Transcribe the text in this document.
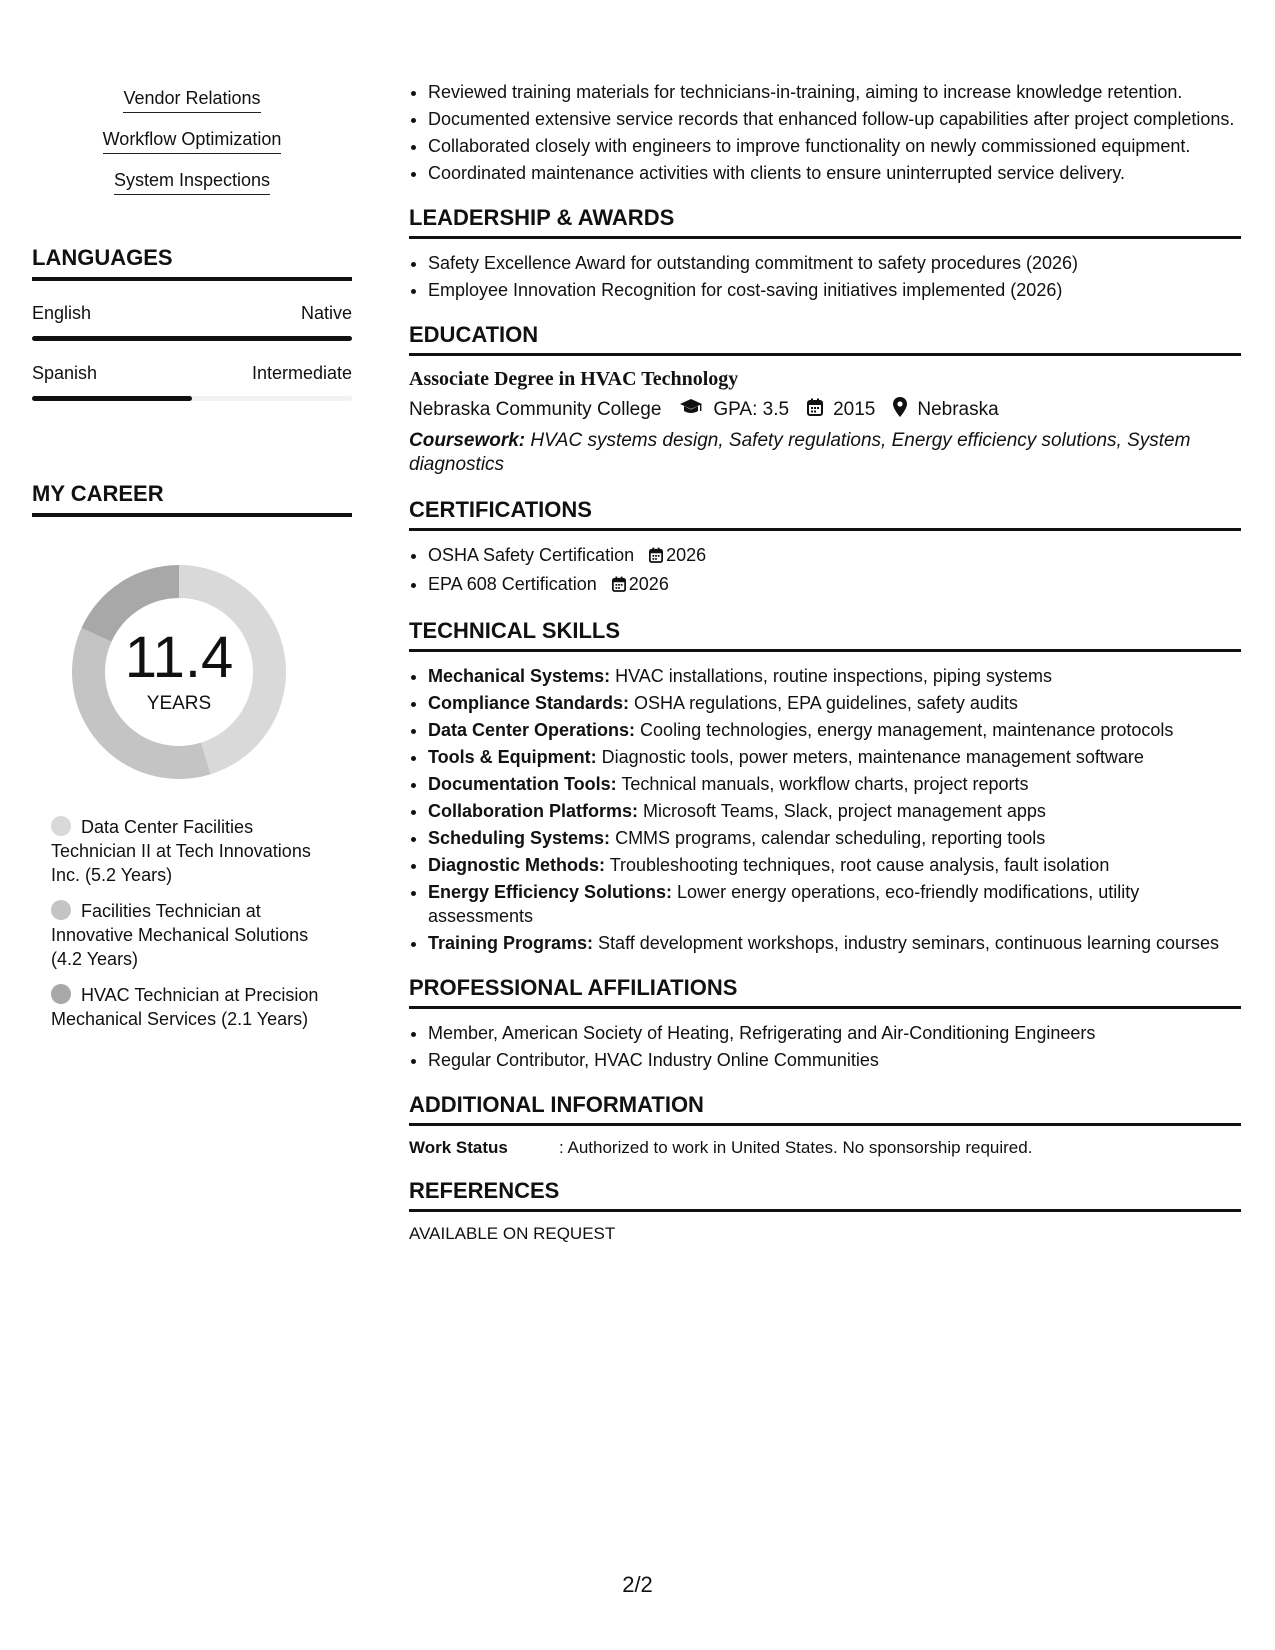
Vendor Relations
Workflow Optimization
System Inspections
LANGUAGES
English	Native
Spanish	Intermediate
MY CAREER
11.4
YEARS
Data Center Facilities Technician II at Tech Innovations Inc. (5.2 Years)
Facilities Technician at Innovative Mechanical Solutions (4.2 Years)
HVAC Technician at Precision Mechanical Services (2.1 Years)
• Reviewed training materials for technicians-in-training, aiming to increase knowledge retention.
• Documented extensive service records that enhanced follow-up capabilities after project completions.
• Collaborated closely with engineers to improve functionality on newly commissioned equipment.
• Coordinated maintenance activities with clients to ensure uninterrupted service delivery.
LEADERSHIP & AWARDS
• Safety Excellence Award for outstanding commitment to safety procedures (2026)
• Employee Innovation Recognition for cost-saving initiatives implemented (2026)
EDUCATION
Associate Degree in HVAC Technology
Nebraska Community College	GPA: 3.5 2015 Nebraska
Coursework: HVAC systems design, Safety regulations, Energy efficiency solutions, System diagnostics
CERTIFICATIONS
• OSHA Safety Certification 2026
• EPA 608 Certification 2026
TECHNICAL SKILLS
• Mechanical Systems: HVAC installations, routine inspections, piping systems
• Compliance Standards: OSHA regulations, EPA guidelines, safety audits
• Data Center Operations: Cooling technologies, energy management, maintenance protocols
• Tools & Equipment: Diagnostic tools, power meters, maintenance management software
• Documentation Tools: Technical manuals, workflow charts, project reports
• Collaboration Platforms: Microsoft Teams, Slack, project management apps
• Scheduling Systems: CMMS programs, calendar scheduling, reporting tools
• Diagnostic Methods: Troubleshooting techniques, root cause analysis, fault isolation
• Energy Efficiency Solutions: Lower energy operations, eco-friendly modifications, utility assessments
• Training Programs: Staff development workshops, industry seminars, continuous learning courses
PROFESSIONAL AFFILIATIONS
• Member, American Society of Heating, Refrigerating and Air-Conditioning Engineers
• Regular Contributor, HVAC Industry Online Communities
ADDITIONAL INFORMATION
Work Status	: Authorized to work in United States. No sponsorship required.
REFERENCES
AVAILABLE ON REQUEST
2/2
